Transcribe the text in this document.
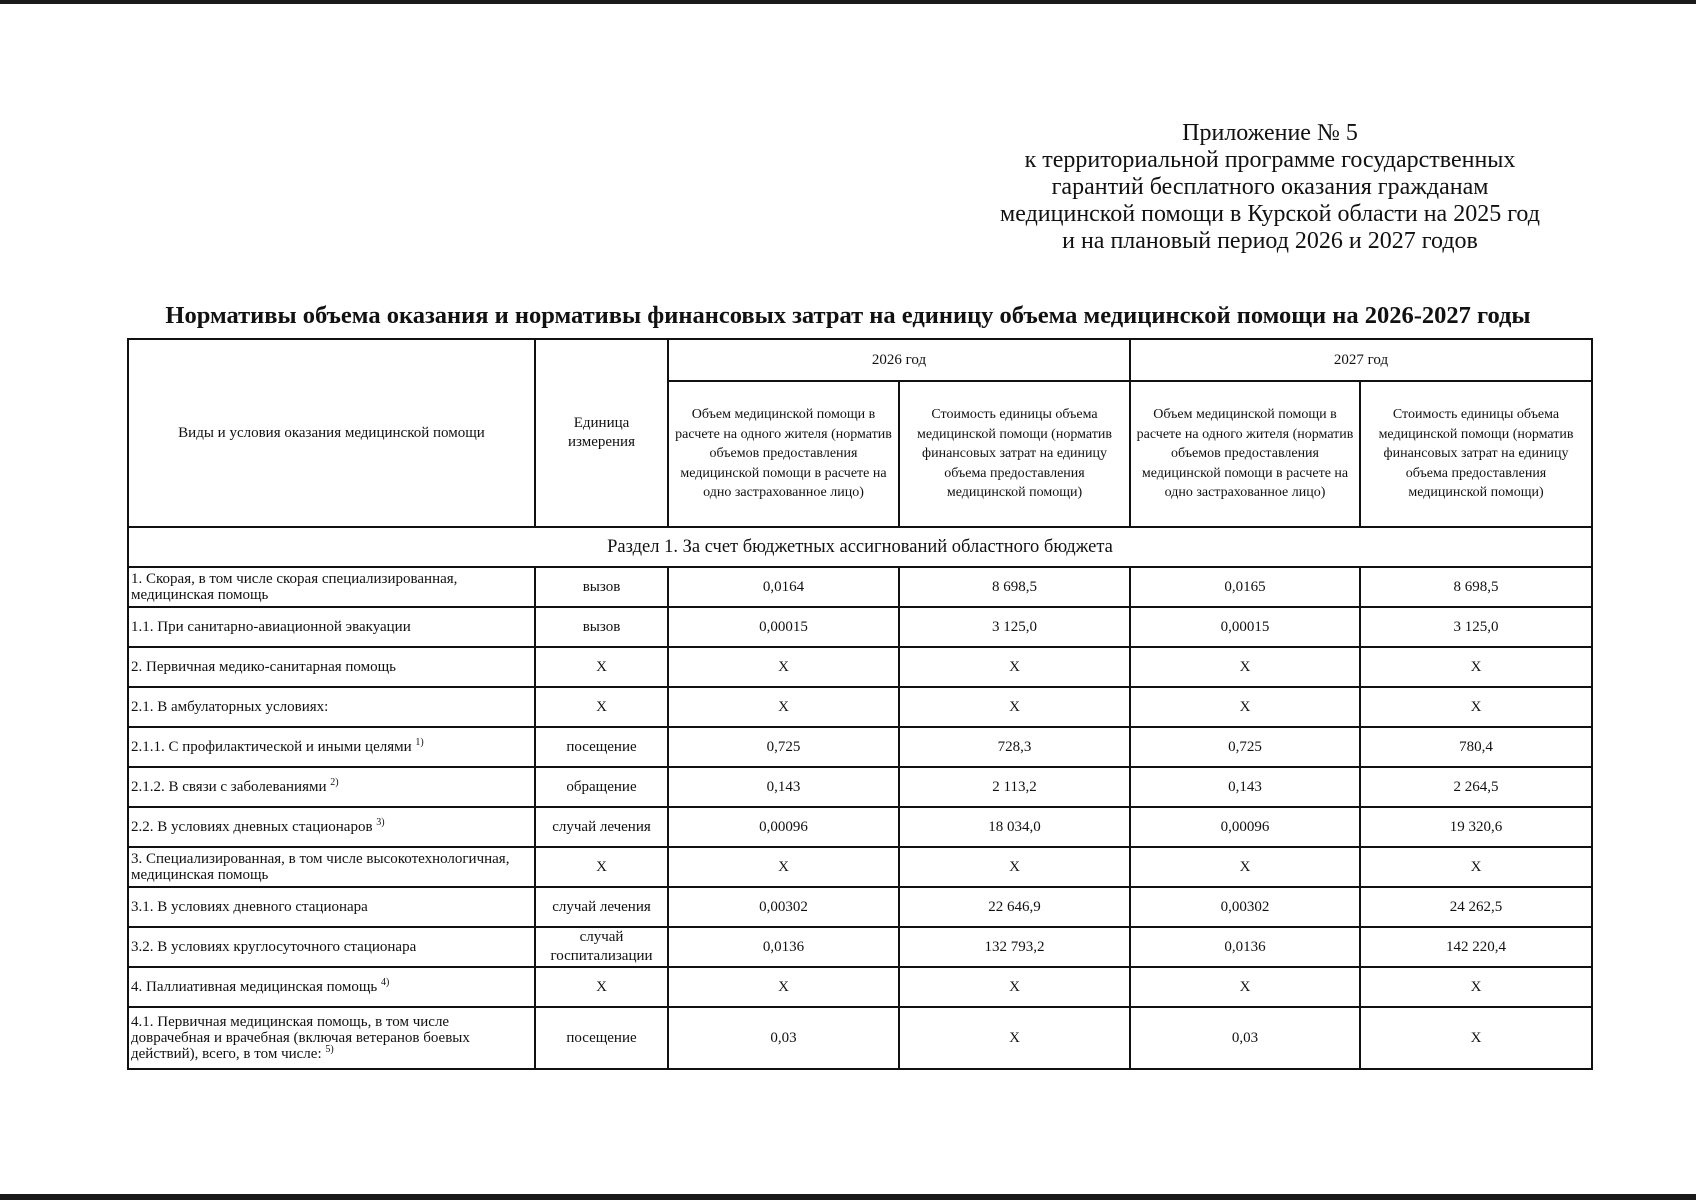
Приложение № 5
к территориальной программе государственных
гарантий бесплатного оказания гражданам
медицинской помощи в Курской области на 2025 год
и на плановый период 2026 и 2027 годов
Нормативы объема оказания и нормативы финансовых затрат на единицу объема медицинской помощи на 2026-2027 годы
Виды и условия оказания медицинской помощи	Единица измерения	2026 год		2027 год	
		Объем медицинской помощи в расчете на одного жителя (норматив объемов предоставления медицинской помощи в расчете на одно застрахованное лицо)	Стоимость единицы объема медицинской помощи (норматив финансовых затрат на единицу объема предоставления медицинской помощи)	Объем медицинской помощи в расчете на одного жителя (норматив объемов предоставления медицинской помощи в расчете на одно застрахованное лицо)	Стоимость единицы объема медицинской помощи (норматив финансовых затрат на единицу объема предоставления медицинской помощи)
Раздел 1. За счет бюджетных ассигнований областного бюджета					
1. Скорая, в том числе скорая специализированная, медицинская помощь	вызов	0,0164	8 698,5	0,0165	8 698,5
1.1. При санитарно-авиационной эвакуации	вызов	0,00015	3 125,0	0,00015	3 125,0
2. Первичная медико-санитарная помощь	X	X	X	X	X
2.1. В амбулаторных условиях:	X	X	X	X	X
2.1.1. С профилактической и иными целями $^{1)}$	посещение	0,725	728,3	0,725	780,4
2.1.2. В связи с заболеваниями $^{2)}$	обращение	0,143	2 113,2	0,143	2 264,5
2.2. В условиях дневных стационаров $^{3)}$	случай лечения	0,00096	18 034,0	0,00096	19 320,6
3. Специализированная, в том числе высокотехнологичная, медицинская помощь	X	X	X	X	X
3.1. В условиях дневного стационара	случай лечения	0,00302	22 646,9	0,00302	24 262,5
3.2. В условиях круглосуточного стационара	случай госпитализации	0,0136	132 793,2	0,0136	142 220,4
4. Паллиативная медицинская помощь $^{4)}$	X	X	X	X	X
4.1. Первичная медицинская помощь, в том числе доврачебная и врачебная (включая ветеранов боевых действий), всего, в том числе: $^{5)}$	посещение	0,03	X	0,03	X
